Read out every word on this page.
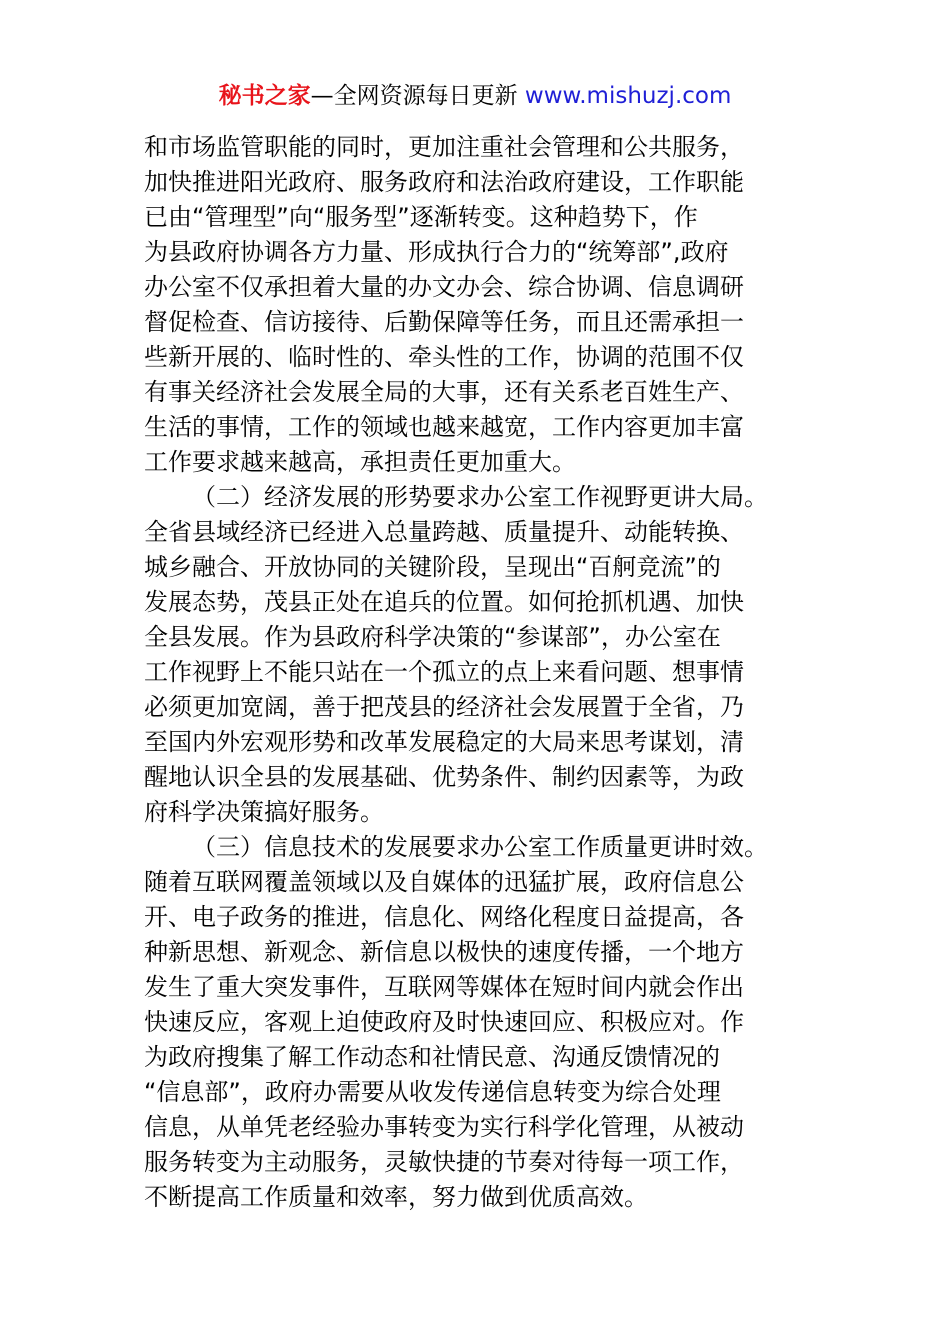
秘书之家—全网资源每日更新 www.mishuzj.com
和市场监管职能的同时，更加注重社会管理和公共服务，
加快推进阳光政府、服务政府和法治政府建设，工作职能
已由“管理型”向“服务型”逐渐转变。这种趋势下，作
为县政府协调各方力量、形成执行合力的“统筹部”,政府
办公室不仅承担着大量的办文办会、综合协调、信息调研
督促检查、信访接待、后勤保障等任务，而且还需承担一
些新开展的、临时性的、牵头性的工作，协调的范围不仅
有事关经济社会发展全局的大事，还有关系老百姓生产、
生活的事情，工作的领域也越来越宽，工作内容更加丰富
工作要求越来越高，承担责任更加重大。
（二）经济发展的形势要求办公室工作视野更讲大局。
全省县域经济已经进入总量跨越、质量提升、动能转换、
城乡融合、开放协同的关键阶段，呈现出“百舸竞流”的
发展态势，茂县正处在追兵的位置。如何抢抓机遇、加快
全县发展。作为县政府科学决策的“参谋部”，办公室在
工作视野上不能只站在一个孤立的点上来看问题、想事情
必须更加宽阔，善于把茂县的经济社会发展置于全省，乃
至国内外宏观形势和改革发展稳定的大局来思考谋划，清
醒地认识全县的发展基础、优势条件、制约因素等，为政
府科学决策搞好服务。
（三）信息技术的发展要求办公室工作质量更讲时效。
随着互联网覆盖领域以及自媒体的迅猛扩展，政府信息公
开、电子政务的推进，信息化、网络化程度日益提高，各
种新思想、新观念、新信息以极快的速度传播，一个地方
发生了重大突发事件，互联网等媒体在短时间内就会作出
快速反应，客观上迫使政府及时快速回应、积极应对。作
为政府搜集了解工作动态和社情民意、沟通反馈情况的
“信息部”，政府办需要从收发传递信息转变为综合处理
信息，从单凭老经验办事转变为实行科学化管理，从被动
服务转变为主动服务，灵敏快捷的节奏对待每一项工作，
不断提高工作质量和效率，努力做到优质高效。
